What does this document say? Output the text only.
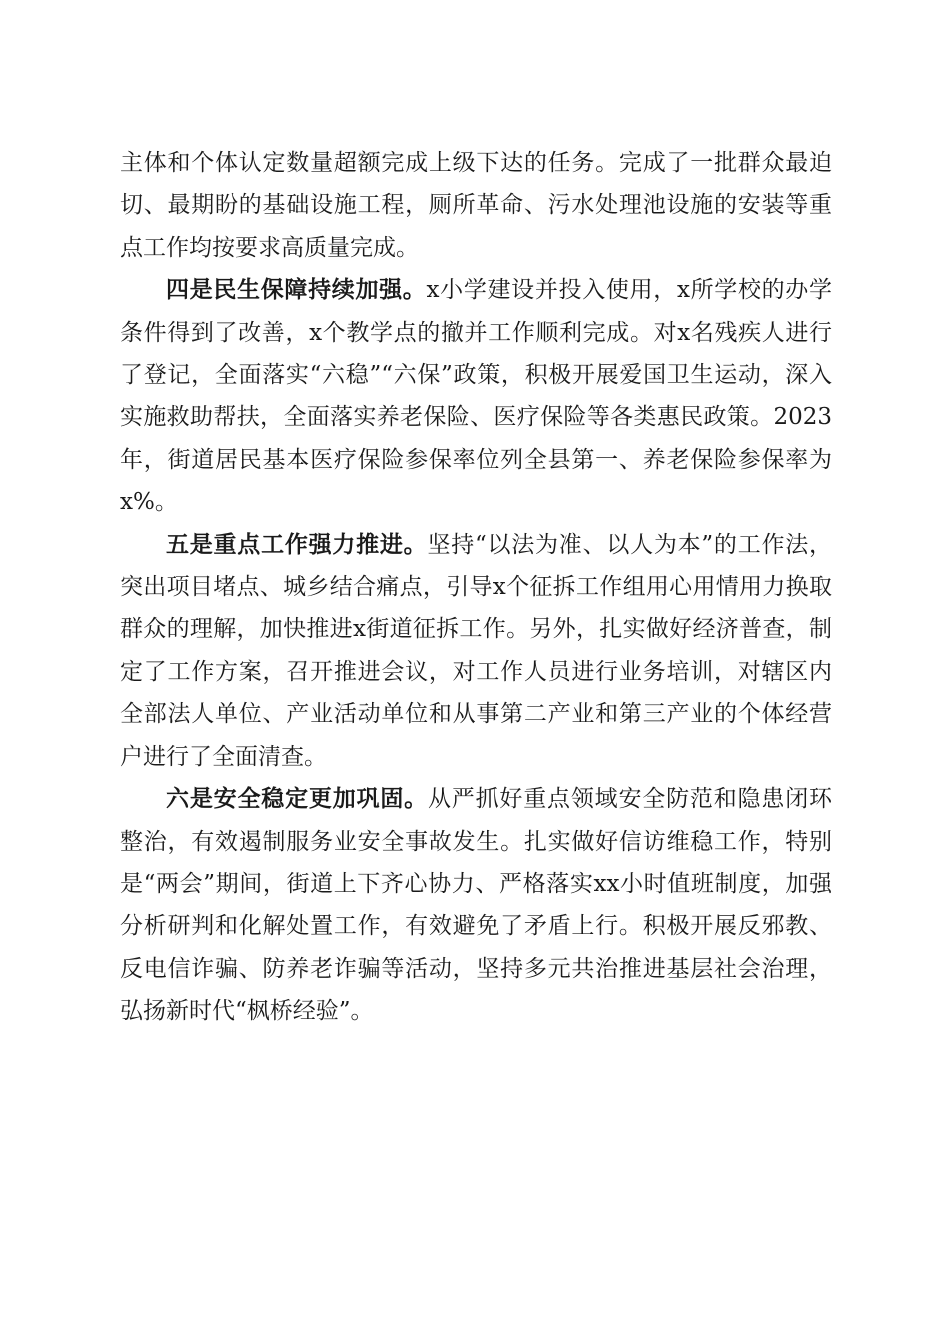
主体和个体认定数量超额完成上级下达的任务。完成了一批群众最迫切、最期盼的基础设施工程，厕所革命、污水处理池设施的安装等重点工作均按要求高质量完成。

四是民生保障持续加强。x小学建设并投入使用，x所学校的办学条件得到了改善，x个教学点的撤并工作顺利完成。对x名残疾人进行了登记，全面落实“六稳”“六保”政策，积极开展爱国卫生运动，深入实施救助帮扶，全面落实养老保险、医疗保险等各类惠民政策。2023年，街道居民基本医疗保险参保率位列全县第一、养老保险参保率为x%。

五是重点工作强力推进。坚持“以法为准、以人为本”的工作法，突出项目堵点、城乡结合痛点，引导x个征拆工作组用心用情用力换取群众的理解，加快推进x街道征拆工作。另外，扎实做好经济普查，制定了工作方案，召开推进会议，对工作人员进行业务培训，对辖区内全部法人单位、产业活动单位和从事第二产业和第三产业的个体经营户进行了全面清查。

六是安全稳定更加巩固。从严抓好重点领域安全防范和隐患闭环整治，有效遏制服务业安全事故发生。扎实做好信访维稳工作，特别是“两会”期间，街道上下齐心协力、严格落实xx小时值班制度，加强分析研判和化解处置工作，有效避免了矛盾上行。积极开展反邪教、反电信诈骗、防养老诈骗等活动，坚持多元共治推进基层社会治理，弘扬新时代“枫桥经验”。
